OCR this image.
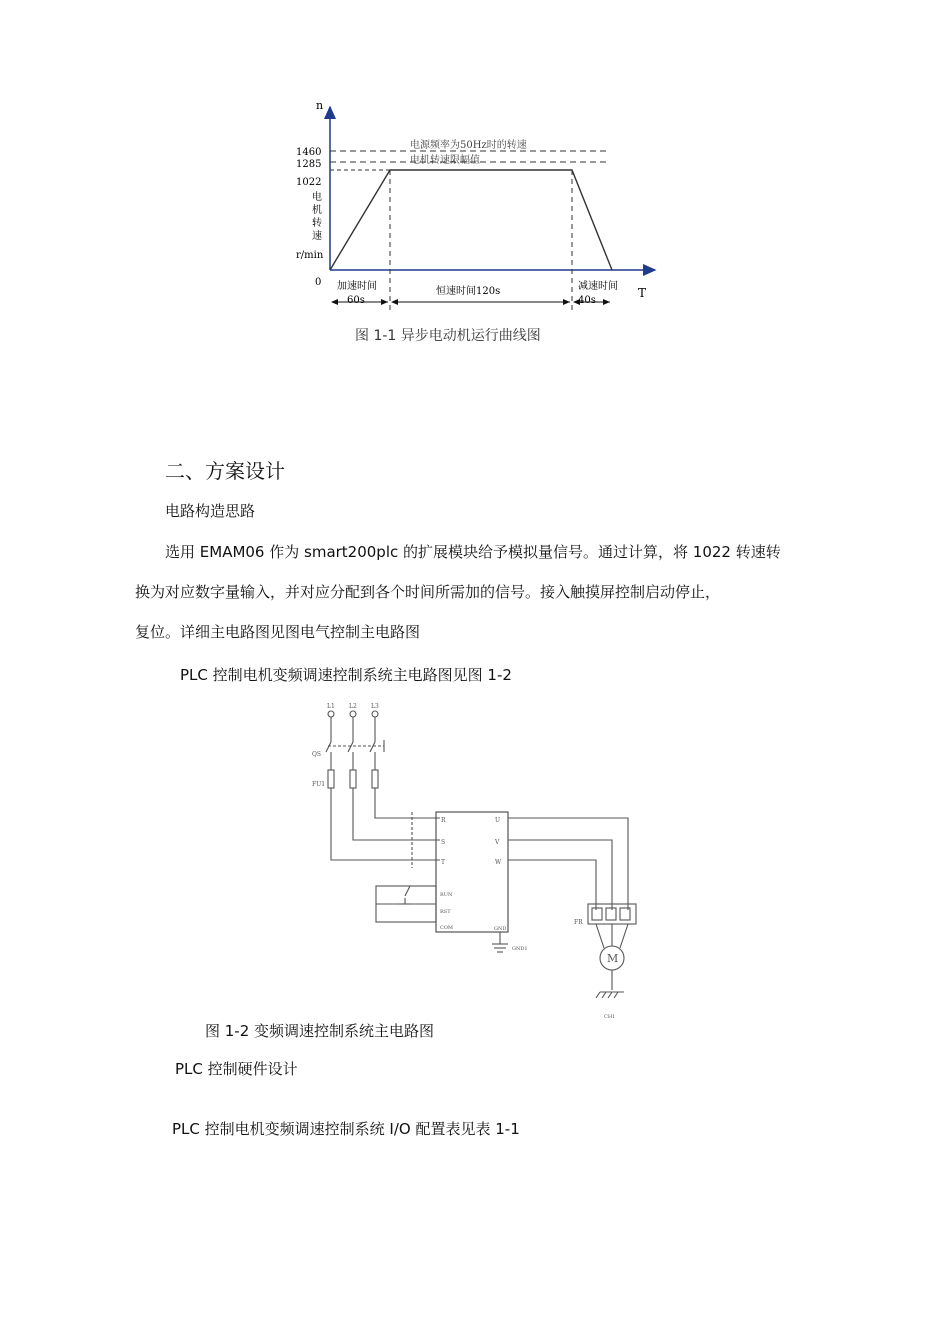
n
T
1460
1285
1022
0
电
机
转
速
r/min
电源频率为50Hz时的转速
电机转速限幅值
加速时间
60s
恒速时间120s	减速时间
40s
图 1-1 异步电动机运行曲线图
二、方案设计
电路构造思路
选用 EMAM06 作为 smart200plc 的扩展模块给予模拟量信号。通过计算，将 1022 转速转
换为对应数字量输入，并对应分配到各个时间所需加的信号。接入触摸屏控制启动停止，
复位。详细主电路图见图电气控制主电路图
PLC 控制电机变频调速控制系统主电路图见图 1-2
L1 L2 L3
QS
FU1
R
S
T
U
V
W
RUN
RST
COM	GND
GND1
FR
M
CH1
图 1-2 变频调速控制系统主电路图
PLC 控制硬件设计
PLC 控制电机变频调速控制系统 I/O 配置表见表 1-1
